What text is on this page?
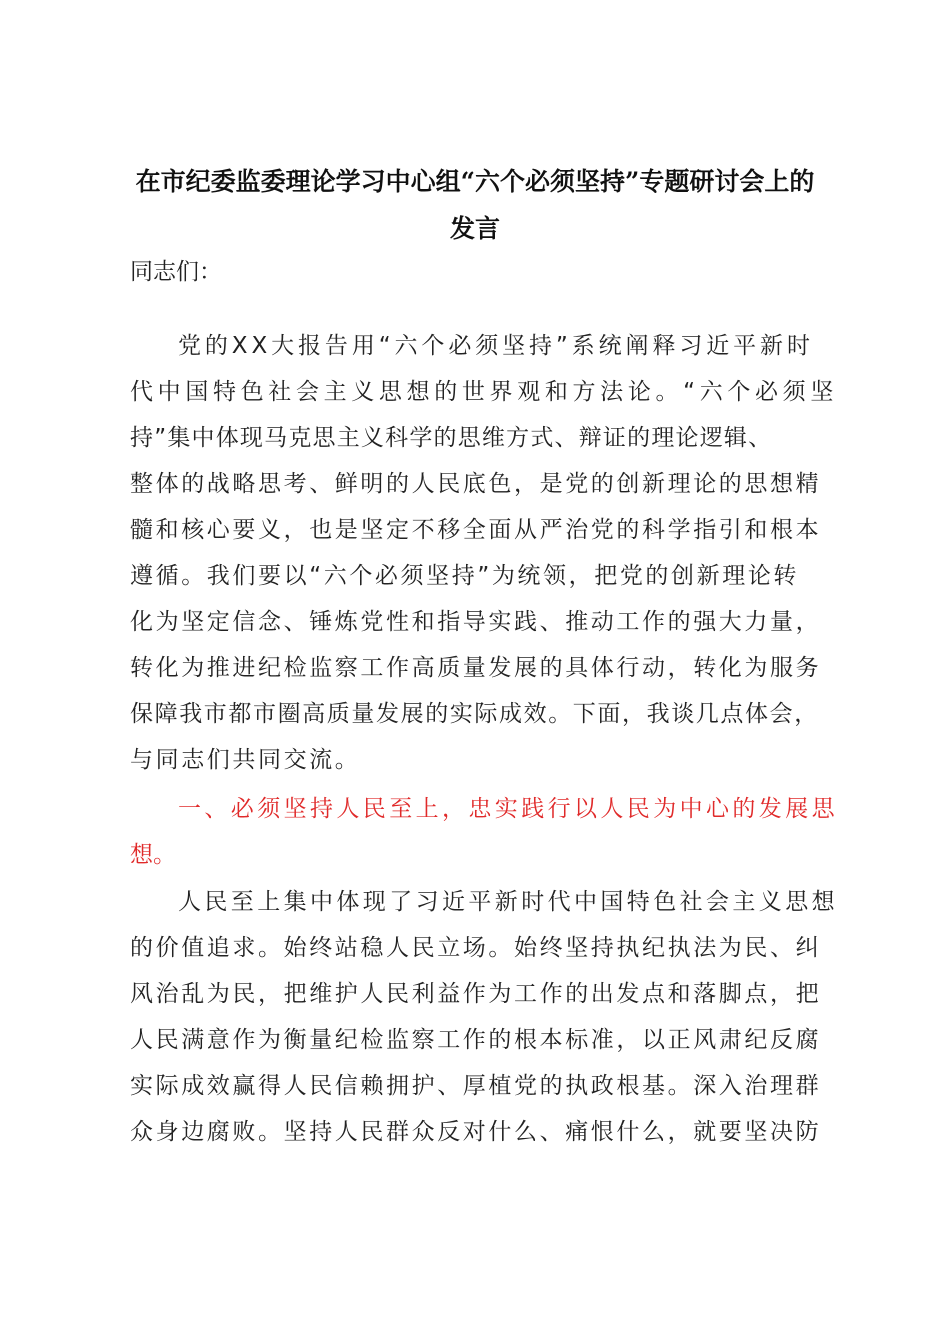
在市纪委监委理论学习中心组“六个必须坚持”专题研讨会上的
发言
同志们：
党的XX大报告用“六个必须坚持”系统阐释习近平新时
代中国特色社会主义思想的世界观和方法论。“六个必须坚
持”集中体现马克思主义科学的思维方式、辩证的理论逻辑、
整体的战略思考、鲜明的人民底色，是党的创新理论的思想精
髓和核心要义，也是坚定不移全面从严治党的科学指引和根本
遵循。我们要以“六个必须坚持”为统领，把党的创新理论转
化为坚定信念、锤炼党性和指导实践、推动工作的强大力量，
转化为推进纪检监察工作高质量发展的具体行动，转化为服务
保障我市都市圈高质量发展的实际成效。下面，我谈几点体会，
与同志们共同交流。
一、必须坚持人民至上，忠实践行以人民为中心的发展思
想。
人民至上集中体现了习近平新时代中国特色社会主义思想
的价值追求。始终站稳人民立场。始终坚持执纪执法为民、纠
风治乱为民，把维护人民利益作为工作的出发点和落脚点，把
人民满意作为衡量纪检监察工作的根本标准，以正风肃纪反腐
实际成效赢得人民信赖拥护、厚植党的执政根基。深入治理群
众身边腐败。坚持人民群众反对什么、痛恨什么，就要坚决防
